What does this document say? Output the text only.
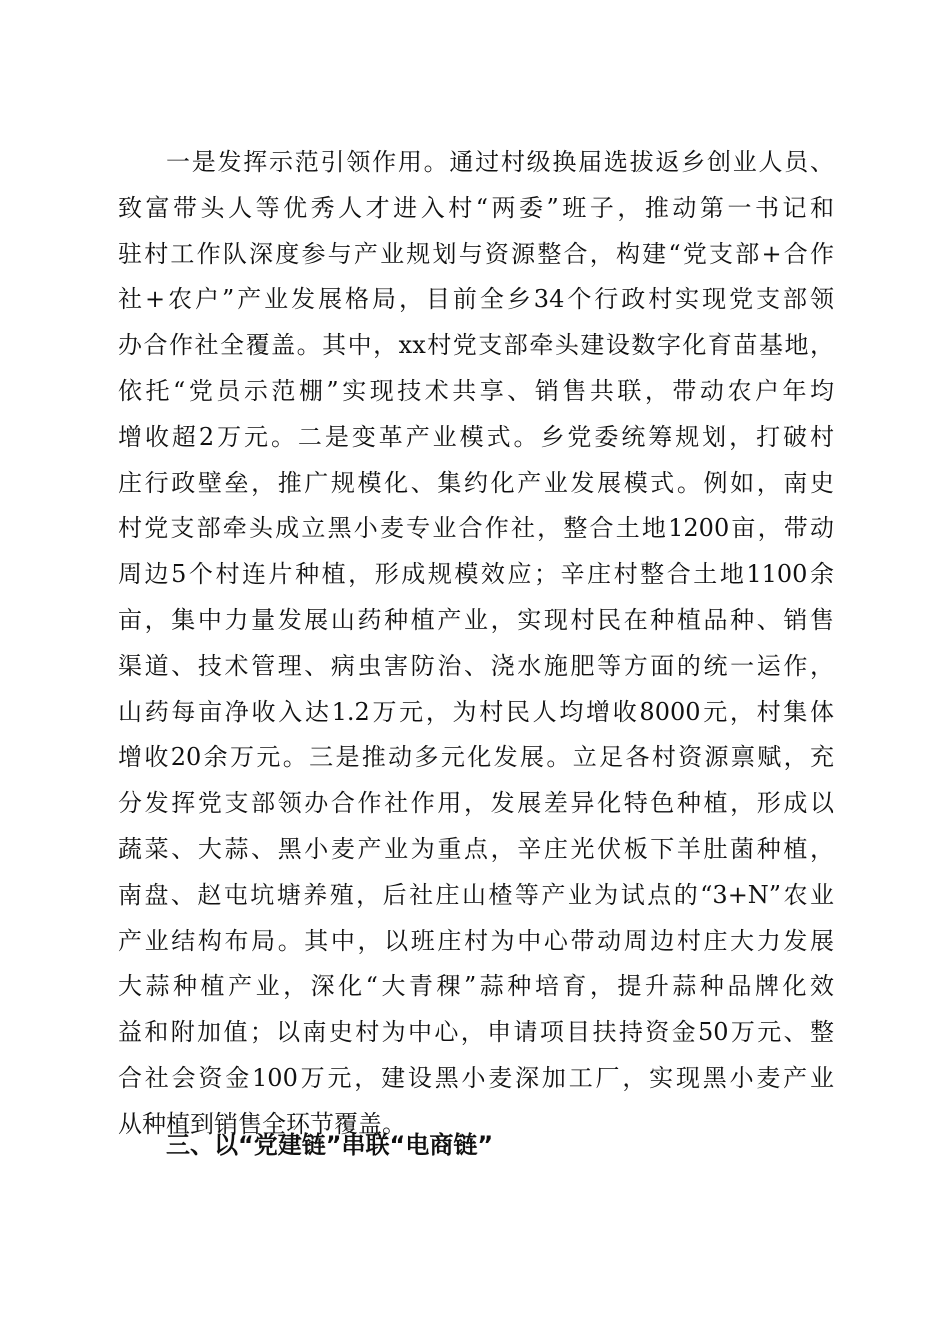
一是发挥示范引领作用。通过村级换届选拔返乡创业人员、
致富带头人等优秀人才进入村“两委”班子，推动第一书记和
驻村工作队深度参与产业规划与资源整合，构建“党支部+合作
社+农户”产业发展格局，目前全乡34个行政村实现党支部领
办合作社全覆盖。其中，xx村党支部牵头建设数字化育苗基地，
依托“党员示范棚”实现技术共享、销售共联，带动农户年均
增收超2万元。二是变革产业模式。乡党委统筹规划，打破村
庄行政壁垒，推广规模化、集约化产业发展模式。例如，南史
村党支部牵头成立黑小麦专业合作社，整合土地1200亩，带动
周边5个村连片种植，形成规模效应；辛庄村整合土地1100余
亩，集中力量发展山药种植产业，实现村民在种植品种、销售
渠道、技术管理、病虫害防治、浇水施肥等方面的统一运作，
山药每亩净收入达1.2万元，为村民人均增收8000元，村集体
增收20余万元。三是推动多元化发展。立足各村资源禀赋，充
分发挥党支部领办合作社作用，发展差异化特色种植，形成以
蔬菜、大蒜、黑小麦产业为重点，辛庄光伏板下羊肚菌种植，
南盘、赵屯坑塘养殖，后社庄山楂等产业为试点的“3+N”农业
产业结构布局。其中，以班庄村为中心带动周边村庄大力发展
大蒜种植产业，深化“大青稞”蒜种培育，提升蒜种品牌化效
益和附加值；以南史村为中心，申请项目扶持资金50万元、整
合社会资金100万元，建设黑小麦深加工厂，实现黑小麦产业
从种植到销售全环节覆盖。
三、以“党建链”串联“电商链”
